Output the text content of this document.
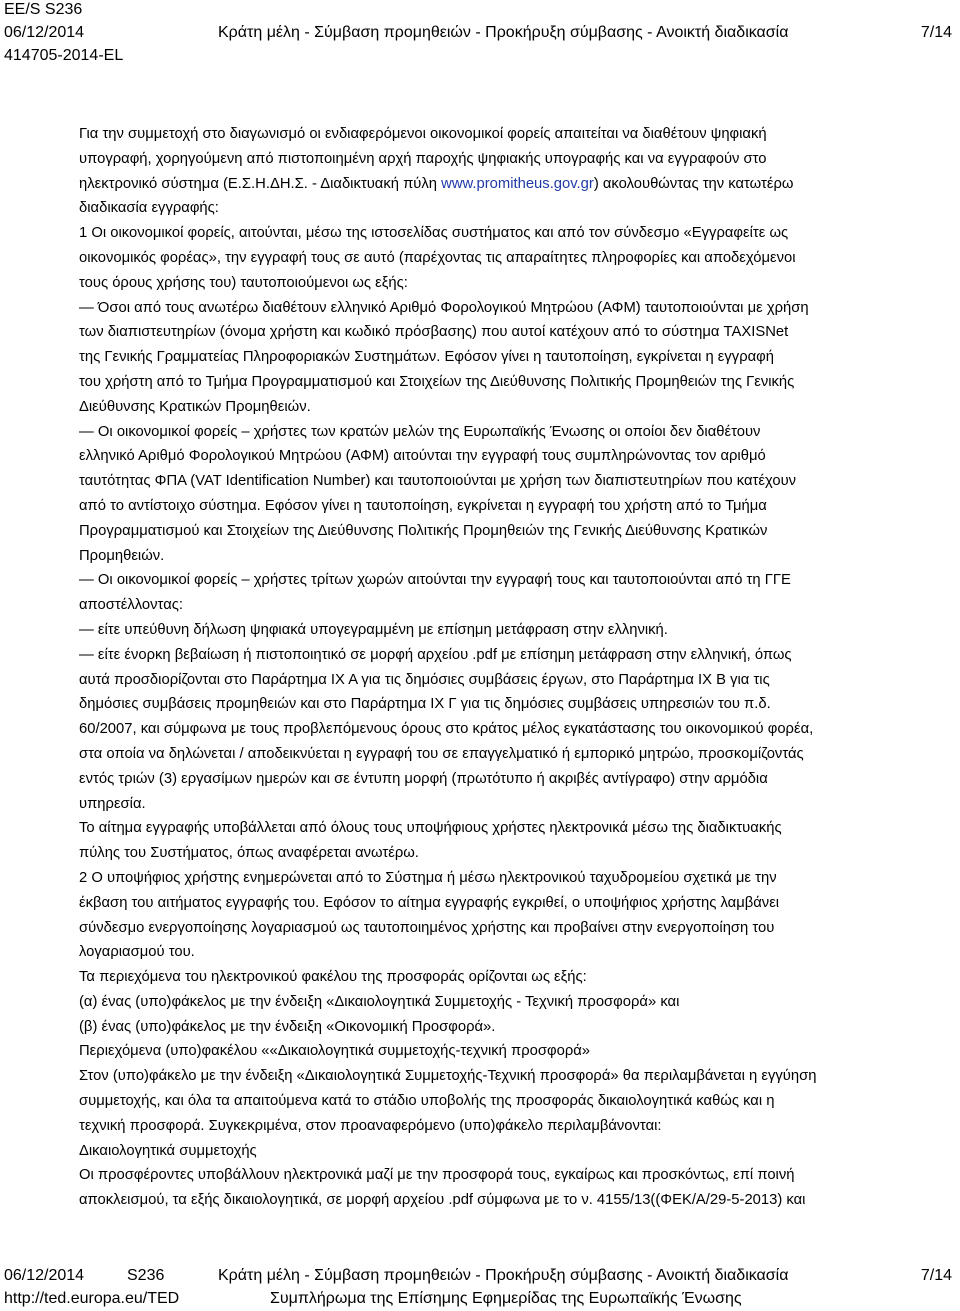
EE/S S236
06/12/2014	Κράτη μέλη - Σύμβαση προμηθειών - Προκήρυξη σύμβασης - Ανοικτή διαδικασία	7/14
414705-2014-EL

Για την συμμετοχή στο διαγωνισμό οι ενδιαφερόμενοι οικονομικοί φορείς απαιτείται να διαθέτουν ψηφιακή

υπογραφή, χορηγούμενη από πιστοποιημένη αρχή παροχής ψηφιακής υπογραφής και να εγγραφούν στο

ηλεκτρονικό σύστημα (Ε.Σ.Η.ΔΗ.Σ. - Διαδικτυακή πύλη www.promitheus.gov.gr) ακολουθώντας την κατωτέρω

διαδικασία εγγραφής:

1 Οι οικονομικοί φορείς, αιτούνται, μέσω της ιστοσελίδας συστήματος και από τον σύνδεσμο «Εγγραφείτε ως

οικονομικός φορέας», την εγγραφή τους σε αυτό (παρέχοντας τις απαραίτητες πληροφορίες και αποδεχόμενοι

τους όρους χρήσης του) ταυτοποιούμενοι ως εξής:

— Όσοι από τους ανωτέρω διαθέτουν ελληνικό Αριθμό Φορολογικού Μητρώου (ΑΦΜ) ταυτοποιούνται με χρήση

των διαπιστευτηρίων (όνομα χρήστη και κωδικό πρόσβασης) που αυτοί κατέχουν από το σύστημα TAXISNet

της Γενικής Γραμματείας Πληροφοριακών Συστημάτων. Εφόσον γίνει η ταυτοποίηση, εγκρίνεται η εγγραφή

του χρήστη από το Τμήμα Προγραμματισμού και Στοιχείων της Διεύθυνσης Πολιτικής Προμηθειών της Γενικής

Διεύθυνσης Κρατικών Προμηθειών.

— Οι οικονομικοί φορείς – χρήστες των κρατών μελών της Ευρωπαϊκής Ένωσης οι οποίοι δεν διαθέτουν

ελληνικό Αριθμό Φορολογικού Μητρώου (ΑΦΜ) αιτούνται την εγγραφή τους συμπληρώνοντας τον αριθμό

ταυτότητας ΦΠΑ (VAT Identification Number) και ταυτοποιούνται με χρήση των διαπιστευτηρίων που κατέχουν

από το αντίστοιχο σύστημα. Εφόσον γίνει η ταυτοποίηση, εγκρίνεται η εγγραφή του χρήστη από το Τμήμα

Προγραμματισμού και Στοιχείων της Διεύθυνσης Πολιτικής Προμηθειών της Γενικής Διεύθυνσης Κρατικών

Προμηθειών.

— Οι οικονομικοί φορείς – χρήστες τρίτων χωρών αιτούνται την εγγραφή τους και ταυτοποιούνται από τη ΓΓΕ

αποστέλλοντας:

— είτε υπεύθυνη δήλωση ψηφιακά υπογεγραμμένη με επίσημη μετάφραση στην ελληνική.

— είτε ένορκη βεβαίωση ή πιστοποιητικό σε μορφή αρχείου .pdf με επίσημη μετάφραση στην ελληνική, όπως

αυτά προσδιορίζονται στο Παράρτημα IX A για τις δημόσιες συμβάσεις έργων, στο Παράρτημα IX B για τις

δημόσιες συμβάσεις προμηθειών και στο Παράρτημα IX Γ για τις δημόσιες συμβάσεις υπηρεσιών του π.δ.

60/2007, και σύμφωνα με τους προβλεπόμενους όρους στο κράτος μέλος εγκατάστασης του οικονομικού φορέα,

στα οποία να δηλώνεται / αποδεικνύεται η εγγραφή του σε επαγγελματικό ή εμπορικό μητρώο, προσκομίζοντάς

εντός τριών (3) εργασίμων ημερών και σε έντυπη μορφή (πρωτότυπο ή ακριβές αντίγραφο) στην αρμόδια

υπηρεσία.

Το αίτημα εγγραφής υποβάλλεται από όλους τους υποψήφιους χρήστες ηλεκτρονικά μέσω της διαδικτυακής

πύλης του Συστήματος, όπως αναφέρεται ανωτέρω.

2 Ο υποψήφιος χρήστης ενημερώνεται από το Σύστημα ή μέσω ηλεκτρονικού ταχυδρομείου σχετικά με την

έκβαση του αιτήματος εγγραφής του. Εφόσον το αίτημα εγγραφής εγκριθεί, ο υποψήφιος χρήστης λαμβάνει

σύνδεσμο ενεργοποίησης λογαριασμού ως ταυτοποιημένος χρήστης και προβαίνει στην ενεργοποίηση του

λογαριασμού του.

Τα περιεχόμενα του ηλεκτρονικού φακέλου της προσφοράς ορίζονται ως εξής:

(α) ένας (υπο)φάκελος με την ένδειξη «Δικαιολογητικά Συμμετοχής - Τεχνική προσφορά» και

(β) ένας (υπο)φάκελος με την ένδειξη «Οικονομική Προσφορά».

Περιεχόμενα (υπο)φακέλου ««Δικαιολογητικά συμμετοχής-τεχνική προσφορά»

Στον (υπο)φάκελο με την ένδειξη «Δικαιολογητικά Συμμετοχής-Τεχνική προσφορά» θα περιλαμβάνεται η εγγύηση

συμμετοχής, και όλα τα απαιτούμενα κατά το στάδιο υποβολής της προσφοράς δικαιολογητικά καθώς και η

τεχνική προσφορά. Συγκεκριμένα, στον προαναφερόμενο (υπο)φάκελο περιλαμβάνονται:

Δικαιολογητικά συμμετοχής

Οι προσφέροντες υποβάλλουν ηλεκτρονικά μαζί με την προσφορά τους, εγκαίρως και προσκόντως, επί ποινή

αποκλεισμού, τα εξής δικαιολογητικά, σε μορφή αρχείου .pdf σύμφωνα με το ν. 4155/13((ΦΕΚ/Α/29-5-2013) και

06/12/2014	S236	Κράτη μέλη - Σύμβαση προμηθειών - Προκήρυξη σύμβασης - Ανοικτή διαδικασία	7/14
http://ted.europa.eu/TED	Συμπλήρωμα της Επίσημης Εφημερίδας της Ευρωπαϊκής Ένωσης
